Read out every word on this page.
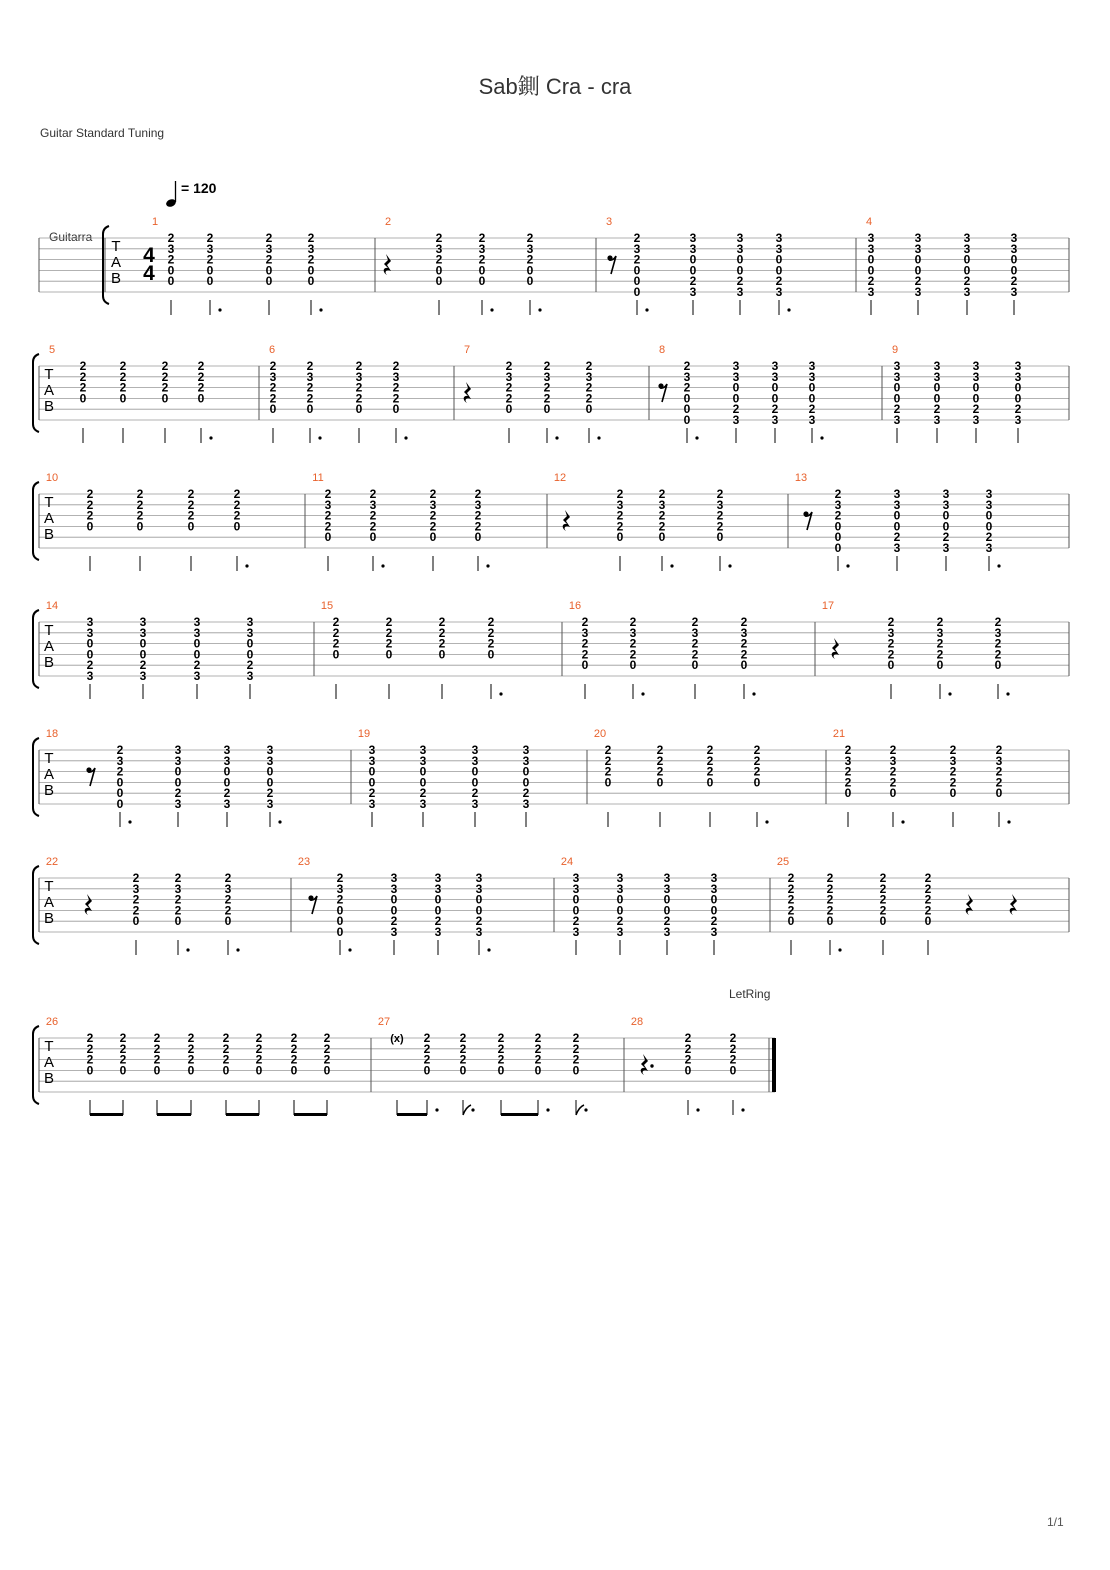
Sab鍘 Cra - cra
Guitar Standard Tuning
= 120
Guitarra
LetRing
1/1
T
A
B
4
4
1
2
3
2
0
0
2
3
2
0
0
2
3
2
0
0
2
3
2
0
0
2
2
3
2
0
0
2
3
2
0
0
2
3
2
0
0
3
2
3
2
0
0
0
3
3
0
0
2
3
3
3
0
0
2
3
3
3
0
0
2
3
4
3
3
0
0
2
3
3
3
0
0
2
3
3
3
0
0
2
3
3
3
0
0
2
3
T
A
B
5
2
2
2
0
2
2
2
0
2
2
2
0
2
2
2
0
6
2
3
2
2
0
2
3
2
2
0
2
3
2
2
0
2
3
2
2
0
7
2
3
2
2
0
2
3
2
2
0
2
3
2
2
0
8
2
3
2
0
0
0
3
3
0
0
2
3
3
3
0
0
2
3
3
3
0
0
2
3
9
3
3
0
0
2
3
3
3
0
0
2
3
3
3
0
0
2
3
3
3
0
0
2
3
T
A
B
10
2
2
2
0
2
2
2
0
2
2
2
0
2
2
2
0
11
2
3
2
2
0
2
3
2
2
0
2
3
2
2
0
2
3
2
2
0
12
2
3
2
2
0
2
3
2
2
0
2
3
2
2
0
13
2
3
2
0
0
0
3
3
0
0
2
3
3
3
0
0
2
3
3
3
0
0
2
3
T
A
B
14
3
3
0
0
2
3
3
3
0
0
2
3
3
3
0
0
2
3
3
3
0
0
2
3
15
2
2
2
0
2
2
2
0
2
2
2
0
2
2
2
0
16
2
3
2
2
0
2
3
2
2
0
2
3
2
2
0
2
3
2
2
0
17
2
3
2
2
0
2
3
2
2
0
2
3
2
2
0
T
A
B
18
2
3
2
0
0
0
3
3
0
0
2
3
3
3
0
0
2
3
3
3
0
0
2
3
19
3
3
0
0
2
3
3
3
0
0
2
3
3
3
0
0
2
3
3
3
0
0
2
3
20
2
2
2
0
2
2
2
0
2
2
2
0
2
2
2
0
21
2
3
2
2
0
2
3
2
2
0
2
3
2
2
0
2
3
2
2
0
T
A
B
22
2
3
2
2
0
2
3
2
2
0
2
3
2
2
0
23
2
3
2
0
0
0
3
3
0
0
2
3
3
3
0
0
2
3
3
3
0
0
2
3
24
3
3
0
0
2
3
3
3
0
0
2
3
3
3
0
0
2
3
3
3
0
0
2
3
25
2
2
2
2
0
2
2
2
2
0
2
2
2
2
0
2
2
2
2
0
T
A
B
26
2
2
2
0
2
2
2
0
2
2
2
0
2
2
2
0
2
2
2
0
2
2
2
0
2
2
2
0
2
2
2
0
27
(x) 2
2
2
0
2
2
2
0
2
2
2
0
2
2
2
0
2
2
2
0
28
2
2
2
0
2
2
2
0
